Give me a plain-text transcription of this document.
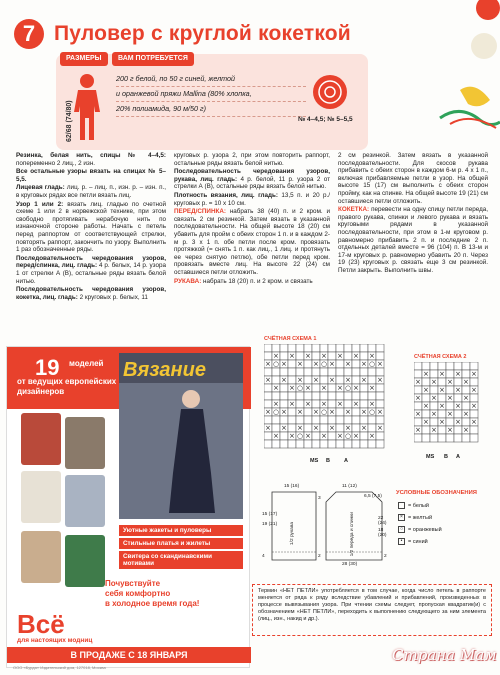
7 Пуловер с круглой кокеткой
РАЗМЕРЫ	ВАМ ПОТРЕБУЕТСЯ
62/68 (74/80)
200 г белой, по 50 г синей, желтой
и оранжевой пряжи Mallina (80% хлопка,
20% полиамида, 90 м/50 г)
№ 4–4,5; № 5–5,5

Резинка, белая нить, спицы № 4–4,5: попеременно 2 лиц., 2 изн.

Все остальные узоры вязать на спицах № 5–5,5.

Лицевая гладь: лиц. р. – лиц. п., изн. р. – изн. п., в круговых рядах все петли вязать лиц.

Узор 1 или 2: вязать лиц. гладью по счетной схеме 1 или 2 в норвежской технике, при этом свободно протягивать нерабочую нить по изнаночной стороне работы. Начать с петель перед раппортом от соответствующей стрелки, повторять раппорт, закончить по узору. Выполнить 1 раз обозначенные ряды.

Последовательность чередования узоров, перед/спинка, лиц. гладь: 4 р. белых, 14 р. узора 1 от стрелки А (B), остальные ряды вязать белой нитью.

Последовательность чередования узоров, кокетка, лиц. гладь: 2 круговых р. белых, 11

круговых р. узора 2, при этом повторить раппорт, остальные ряды вязать белой нитью.

Последовательность чередования узоров, рукава, лиц. гладь: 4 р. белой, 11 р. узора 2 от стрелки А (B), остальные ряды вязать белой нитью.

Плотность вязания, лиц. гладь: 13,5 п. и 20 р./круговых р. = 10 х 10 см.

ПЕРЕД/СПИНКА: набрать 38 (40) п. и 2 кром. и связать 2 см резинкой. Затем вязать в указанной последовательности. На общей высоте 18 (20) см убавить для пройм с обеих сторон 1 п. и в каждом 2-м р. 3 х 1 п. обе петли после кром. провязать протяжкой (= снять 1 п. как лиц., 1 лиц. и протянуть ее через снятую петлю), обе петли перед кром. провязать вместе лиц. На высоте 22 (24) см оставшиеся петли отложить.

РУКАВА: набрать 18 (20) п. и 2 кром. и связать

2 см резинкой. Затем вязать в указанной последовательности. Для скосов рукава прибавить с обеих сторон в каждом 6-м р. 4 х 1 п., включая прибавляемые петли в узор. На общей высоте 15 (17) см выполнить с обеих сторон пройму, как на спинке. На общей высоте 19 (21) см оставшиеся петли отложить.

КОКЕТКА: перевести на одну спицу петли переда, правого рукава, спинки и левого рукава и вязать круговыми рядами в указанной последовательности, при этом в 1-м круговом р. равномерно прибавить 2 п. и последние 2 п. отдельных деталей вместе = 96 (104) п. В 13-м и 17-м круговых р. равномерно убавить 20 п. Через 19 (23) круговых р. связать еще 3 см резинкой. Петли закрыть. Выполнить швы.

19 моделей
от ведущих европейских
дизайнеров
Вязание
Уютные жакеты и пуловеры
Стильные платья и жилеты
Свитера со скандинавскими мотивами
Почувствуйте
себя комфортно
в холодное время года!
Всё
для настоящих модниц
В ПРОДАЖЕ С 18 ЯНВАРЯ
ООО «Бурда» Издательский дом, 127018, Москва
СЧЁТНАЯ СХЕМА 1
× × × × × × ×
× ○ × × × ○ × × × ○ ×
× × × × × × × ×
× × ○ × × × ○ × ×
× × × × × × ×
× ○ × × × ○ × × × ○ ×
× × × × × × × ×
× × ○ × × × ○ × ×
MS B	A
СЧЁТНАЯ СХЕМА 2
× × × ×
× × × ×
× × × ×
× × × ×
× × × ×
× × × ×
× × × ×
× × × ×
MS B A
15 (16)	11 (12)
6,5 (7,5)
15 (17)
19 (21)
3
2
22 (24)
18 (20)
28 (30)
4	2
1/2 рукава	1/2 переда и спинки
УСЛОВНЫЕ ОБОЗНАЧЕНИЯ
= белый
× = желтый
○ = оранжевый
• = синий
Термин «НЕТ ПЕТЛИ» употребляется в том случае, когда число петель в раппорте меняется от ряда к ряду вследствие убавлений и прибавлений, произведенных в процессе вывязывания узора. При чтении схемы следует, пропуская квадратик(и) с обозначением «НЕТ ПЕТЛИ», переходить к выполнению следующего за ним элемента (лиц., изн., накид и др.).
Страна Мам
